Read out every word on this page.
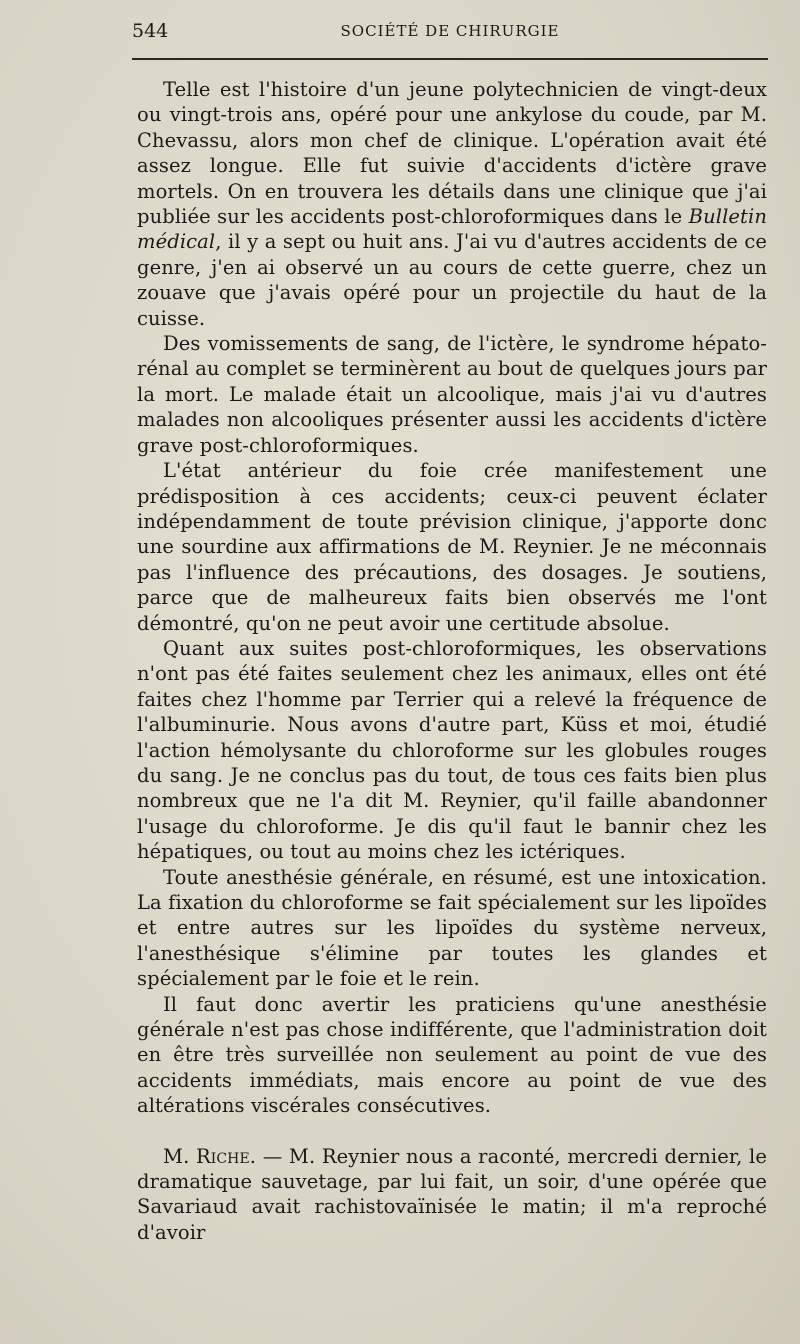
544	SOCIÉTÉ DE CHIRURGIE

Telle est l'histoire d'un jeune polytechnicien de vingt-deux ou vingt-trois ans, opéré pour une ankylose du coude, par M. Chevassu, alors mon chef de clinique. L'opération avait été assez longue. Elle fut suivie d'accidents d'ictère grave mortels. On en trouvera les détails dans une clinique que j'ai publiée sur les accidents post-chloroformiques dans le Bulletin médical, il y a sept ou huit ans. J'ai vu d'autres accidents de ce genre, j'en ai observé un au cours de cette guerre, chez un zouave que j'avais opéré pour un projectile du haut de la cuisse.

Des vomissements de sang, de l'ictère, le syndrome hépato-rénal au complet se terminèrent au bout de quelques jours par la mort. Le malade était un alcoolique, mais j'ai vu d'autres malades non alcooliques présenter aussi les accidents d'ictère grave post-chloroformiques.

L'état antérieur du foie crée manifestement une prédisposition à ces accidents; ceux-ci peuvent éclater indépendamment de toute prévision clinique, j'apporte donc une sourdine aux affirmations de M. Reynier. Je ne méconnais pas l'influence des précautions, des dosages. Je soutiens, parce que de malheureux faits bien observés me l'ont démontré, qu'on ne peut avoir une certitude absolue.

Quant aux suites post-chloroformiques, les observations n'ont pas été faites seulement chez les animaux, elles ont été faites chez l'homme par Terrier qui a relevé la fréquence de l'albuminurie. Nous avons d'autre part, Küss et moi, étudié l'action hémolysante du chloroforme sur les globules rouges du sang. Je ne conclus pas du tout, de tous ces faits bien plus nombreux que ne l'a dit M. Reynier, qu'il faille abandonner l'usage du chloroforme. Je dis qu'il faut le bannir chez les hépatiques, ou tout au moins chez les ictériques.

Toute anesthésie générale, en résumé, est une intoxication. La fixation du chloroforme se fait spécialement sur les lipoïdes et entre autres sur les lipoïdes du système nerveux, l'anesthésique s'élimine par toutes les glandes et spécialement par le foie et le rein.

Il faut donc avertir les praticiens qu'une anesthésie générale n'est pas chose indifférente, que l'administration doit en être très surveillée non seulement au point de vue des accidents immédiats, mais encore au point de vue des altérations viscérales consécutives.

M. Riche. — M. Reynier nous a raconté, mercredi dernier, le dramatique sauvetage, par lui fait, un soir, d'une opérée que Savariaud avait rachistovaïnisée le matin; il m'a reproché d'avoir
